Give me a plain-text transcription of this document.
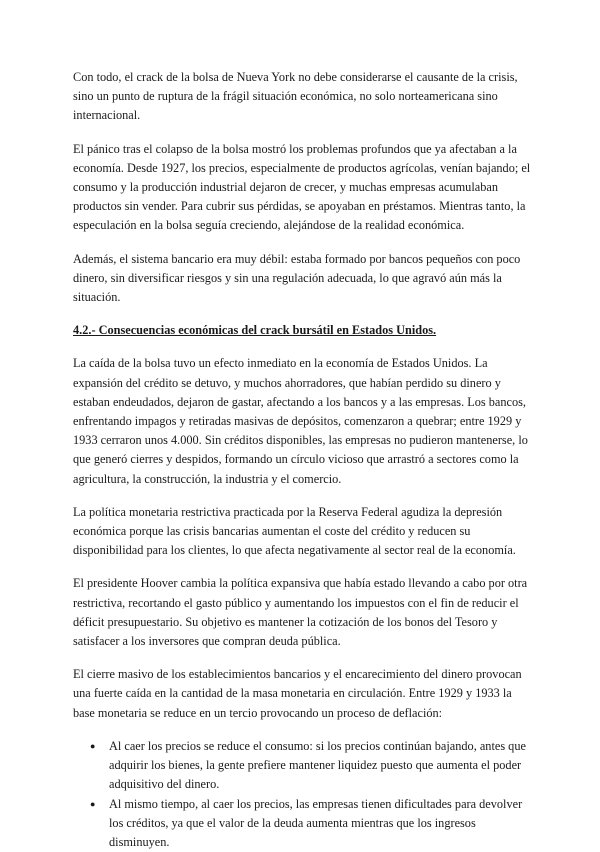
Con todo, el crack de la bolsa de Nueva York no debe considerarse el causante de la crisis, sino un punto de ruptura de la frágil situación económica, no solo norteamericana sino internacional.

El pánico tras el colapso de la bolsa mostró los problemas profundos que ya afectaban a la economía. Desde 1927, los precios, especialmente de productos agrícolas, venían bajando; el consumo y la producción industrial dejaron de crecer, y muchas empresas acumulaban productos sin vender. Para cubrir sus pérdidas, se apoyaban en préstamos. Mientras tanto, la especulación en la bolsa seguía creciendo, alejándose de la realidad económica.

Además, el sistema bancario era muy débil: estaba formado por bancos pequeños con poco dinero, sin diversificar riesgos y sin una regulación adecuada, lo que agravó aún más la situación.

4.2.- Consecuencias económicas del crack bursátil en Estados Unidos.

La caída de la bolsa tuvo un efecto inmediato en la economía de Estados Unidos. La expansión del crédito se detuvo, y muchos ahorradores, que habían perdido su dinero y estaban endeudados, dejaron de gastar, afectando a los bancos y a las empresas. Los bancos, enfrentando impagos y retiradas masivas de depósitos, comenzaron a quebrar; entre 1929 y 1933 cerraron unos 4.000. Sin créditos disponibles, las empresas no pudieron mantenerse, lo que generó cierres y despidos, formando un círculo vicioso que arrastró a sectores como la agricultura, la construcción, la industria y el comercio.

La política monetaria restrictiva practicada por la Reserva Federal agudiza la depresión económica porque las crisis bancarias aumentan el coste del crédito y reducen su disponibilidad para los clientes, lo que afecta negativamente al sector real de la economía.

El presidente Hoover cambia la política expansiva que había estado llevando a cabo por otra restrictiva, recortando el gasto público y aumentando los impuestos con el fin de reducir el déficit presupuestario. Su objetivo es mantener la cotización de los bonos del Tesoro y satisfacer a los inversores que compran deuda pública.

El cierre masivo de los establecimientos bancarios y el encarecimiento del dinero provocan una fuerte caída en la cantidad de la masa monetaria en circulación. Entre 1929 y 1933 la base monetaria se reduce en un tercio provocando un proceso de deflación:

● Al caer los precios se reduce el consumo: si los precios continúan bajando, antes que adquirir los bienes, la gente prefiere mantener liquidez puesto que aumenta el poder adquisitivo del dinero.
● Al mismo tiempo, al caer los precios, las empresas tienen dificultades para devolver los créditos, ya que el valor de la deuda aumenta mientras que los ingresos disminuyen.
